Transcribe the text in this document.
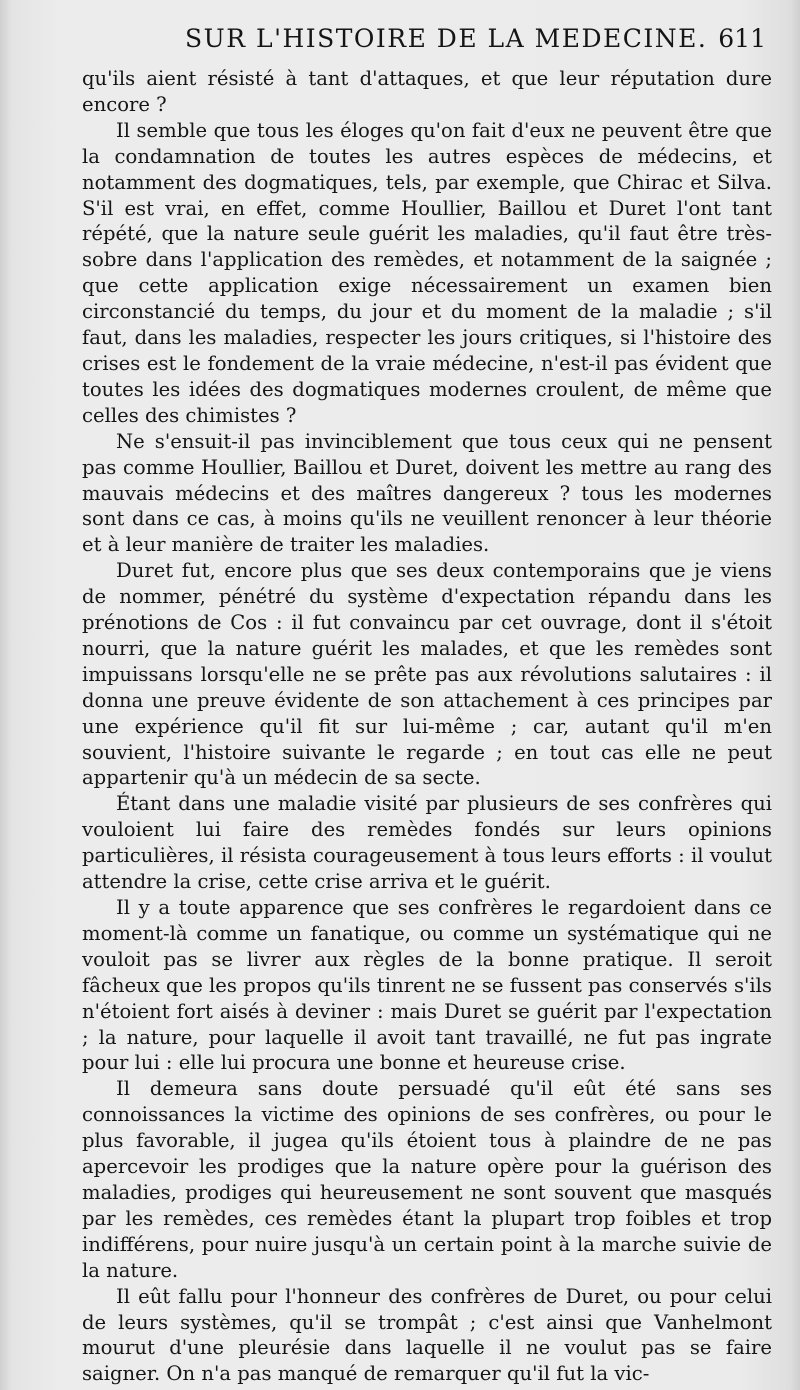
SUR L'HISTOIRE DE LA MEDECINE. 611

qu'ils aient résisté à tant d'attaques, et que leur réputation dure encore ?

Il semble que tous les éloges qu'on fait d'eux ne peuvent être que la condamnation de toutes les autres espèces de médecins, et notamment des dogmatiques, tels, par exemple, que Chirac et Silva. S'il est vrai, en effet, comme Houllier, Baillou et Duret l'ont tant répété, que la nature seule guérit les maladies, qu'il faut être très-sobre dans l'application des remèdes, et notamment de la saignée ; que cette application exige nécessairement un examen bien circonstancié du temps, du jour et du moment de la maladie ; s'il faut, dans les maladies, respecter les jours critiques, si l'histoire des crises est le fondement de la vraie médecine, n'est-il pas évident que toutes les idées des dogmatiques modernes croulent, de même que celles des chimistes ?

Ne s'ensuit-il pas invinciblement que tous ceux qui ne pensent pas comme Houllier, Baillou et Duret, doivent les mettre au rang des mauvais médecins et des maîtres dangereux ? tous les modernes sont dans ce cas, à moins qu'ils ne veuillent renoncer à leur théorie et à leur manière de traiter les maladies.

Duret fut, encore plus que ses deux contemporains que je viens de nommer, pénétré du système d'expectation répandu dans les prénotions de Cos : il fut convaincu par cet ouvrage, dont il s'étoit nourri, que la nature guérit les malades, et que les remèdes sont impuissans lorsqu'elle ne se prête pas aux révolutions salutaires : il donna une preuve évidente de son attachement à ces principes par une expérience qu'il fit sur lui-même ; car, autant qu'il m'en souvient, l'histoire suivante le regarde ; en tout cas elle ne peut appartenir qu'à un médecin de sa secte.

Étant dans une maladie visité par plusieurs de ses confrères qui vouloient lui faire des remèdes fondés sur leurs opinions particulières, il résista courageusement à tous leurs efforts : il voulut attendre la crise, cette crise arriva et le guérit.

Il y a toute apparence que ses confrères le regardoient dans ce moment-là comme un fanatique, ou comme un systématique qui ne vouloit pas se livrer aux règles de la bonne pratique. Il seroit fâcheux que les propos qu'ils tinrent ne se fussent pas conservés s'ils n'étoient fort aisés à deviner : mais Duret se guérit par l'expectation ; la nature, pour laquelle il avoit tant travaillé, ne fut pas ingrate pour lui : elle lui procura une bonne et heureuse crise.

Il demeura sans doute persuadé qu'il eût été sans ses connoissances la victime des opinions de ses confrères, ou pour le plus favorable, il jugea qu'ils étoient tous à plaindre de ne pas apercevoir les prodiges que la nature opère pour la guérison des maladies, prodiges qui heureusement ne sont souvent que masqués par les remèdes, ces remèdes étant la plupart trop foibles et trop indifférens, pour nuire jusqu'à un certain point à la marche suivie de la nature.

Il eût fallu pour l'honneur des confrères de Duret, ou pour celui de leurs systèmes, qu'il se trompât ; c'est ainsi que Vanhelmont mourut d'une pleurésie dans laquelle il ne voulut pas se faire saigner. On n'a pas manqué de remarquer qu'il fut la vic-
